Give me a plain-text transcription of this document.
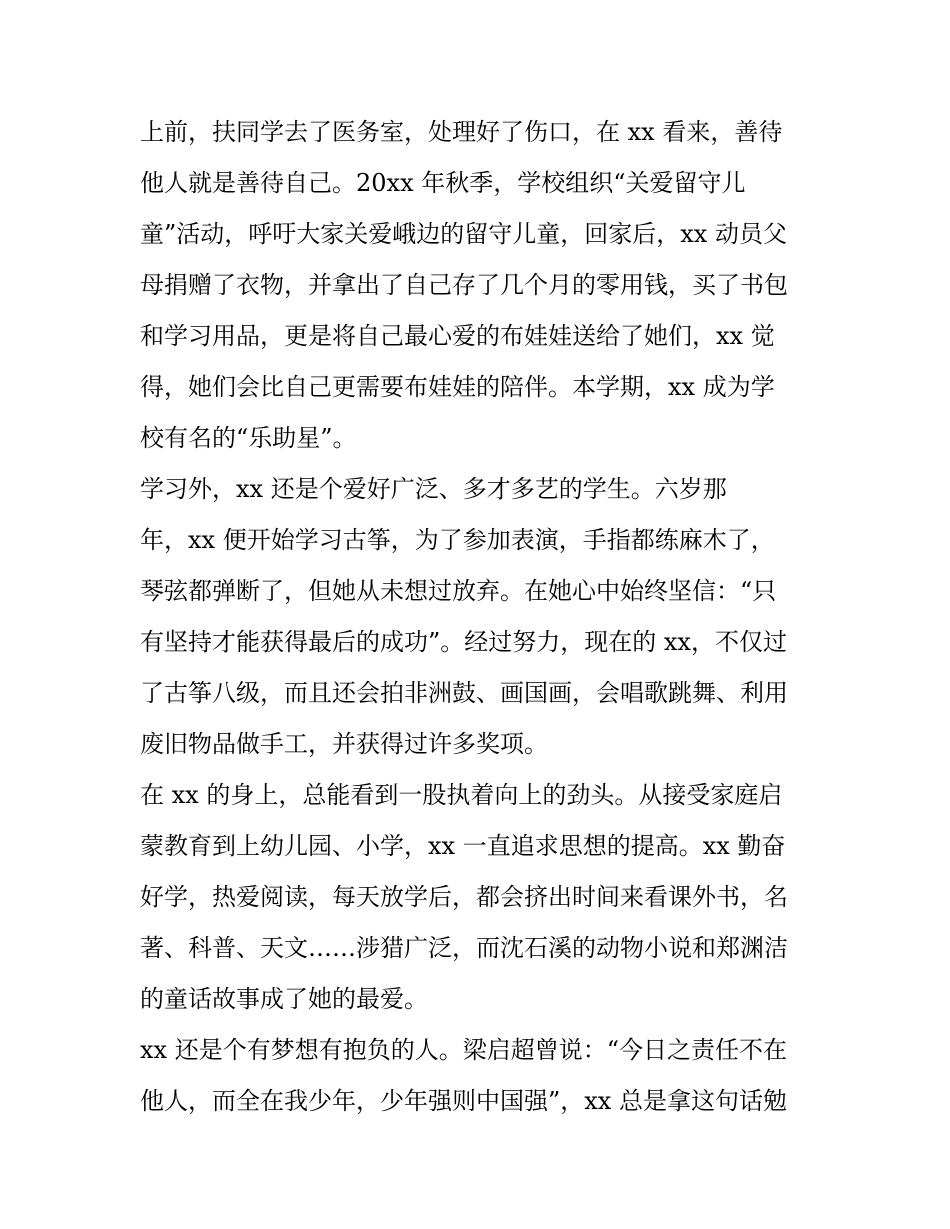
上前，扶同学去了医务室，处理好了伤口，在 xx 看来，善待
他人就是善待自己。20xx 年秋季，学校组织“关爱留守儿
童”活动，呼吁大家关爱峨边的留守儿童，回家后，xx 动员父
母捐赠了衣物，并拿出了自己存了几个月的零用钱，买了书包
和学习用品，更是将自己最心爱的布娃娃送给了她们，xx 觉
得，她们会比自己更需要布娃娃的陪伴。本学期，xx 成为学
校有名的“乐助星”。
学习外，xx 还是个爱好广泛、多才多艺的学生。六岁那
年，xx 便开始学习古筝，为了参加表演，手指都练麻木了，
琴弦都弹断了，但她从未想过放弃。在她心中始终坚信：“只
有坚持才能获得最后的成功”。经过努力，现在的 xx，不仅过
了古筝八级，而且还会拍非洲鼓、画国画，会唱歌跳舞、利用
废旧物品做手工，并获得过许多奖项。
在 xx 的身上，总能看到一股执着向上的劲头。从接受家庭启
蒙教育到上幼儿园、小学，xx 一直追求思想的提高。xx 勤奋
好学，热爱阅读，每天放学后，都会挤出时间来看课外书，名
著、科普、天文……涉猎广泛，而沈石溪的动物小说和郑渊洁
的童话故事成了她的最爱。
xx 还是个有梦想有抱负的人。梁启超曾说：“今日之责任不在
他人，而全在我少年，少年强则中国强”，xx 总是拿这句话勉
